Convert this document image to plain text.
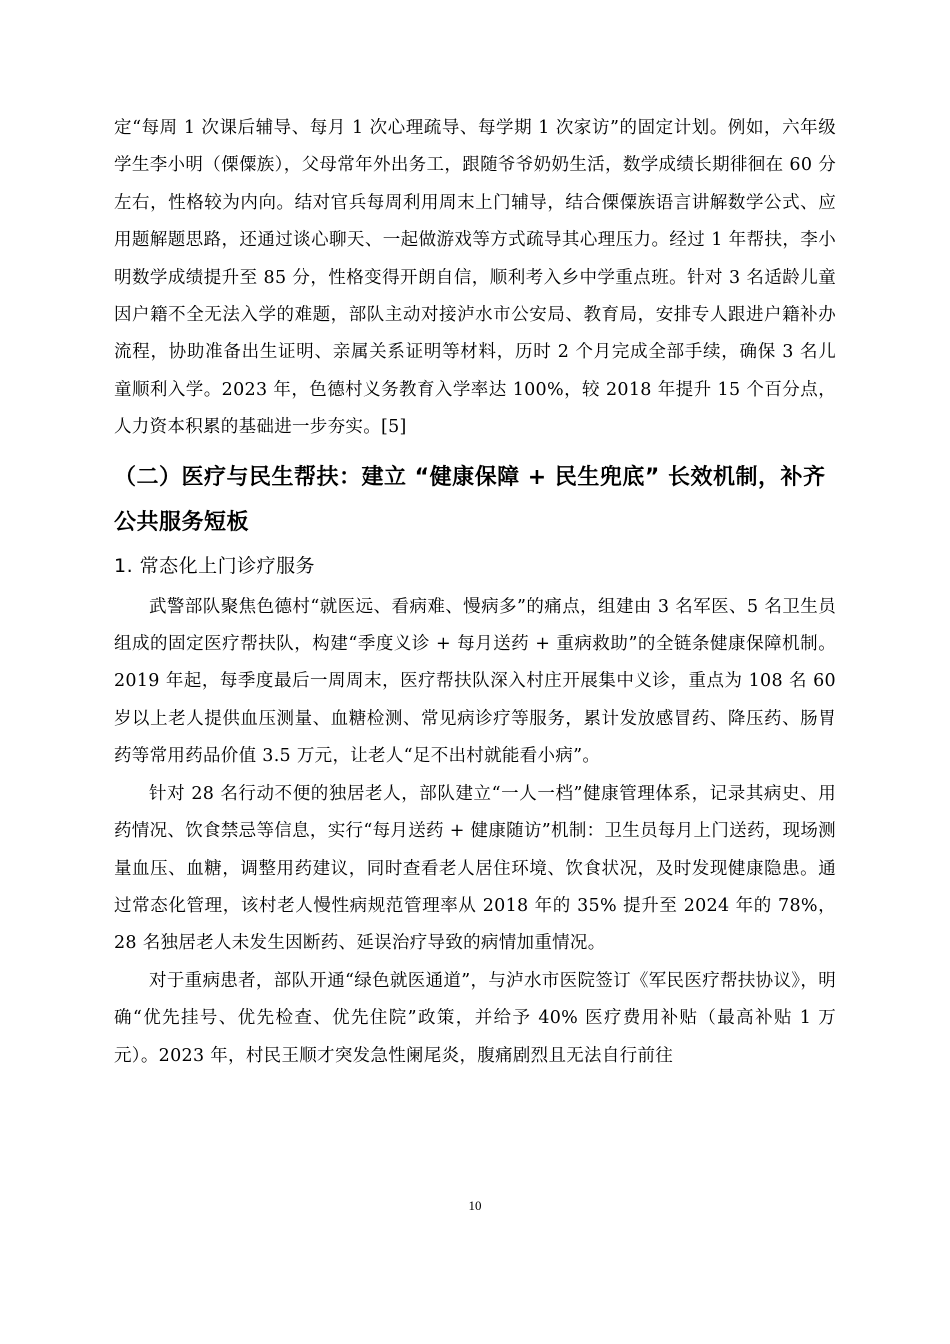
定“每周 1 次课后辅导、每月 1 次心理疏导、每学期 1 次家访”的固定计划。例如，六年级学生李小明（傈僳族），父母常年外出务工，跟随爷爷奶奶生活，数学成绩长期徘徊在 60 分左右，性格较为内向。结对官兵每周利用周末上门辅导，结合傈僳族语言讲解数学公式、应用题解题思路，还通过谈心聊天、一起做游戏等方式疏导其心理压力。经过 1 年帮扶，李小明数学成绩提升至 85 分，性格变得开朗自信，顺利考入乡中学重点班。针对 3 名适龄儿童因户籍不全无法入学的难题，部队主动对接泸水市公安局、教育局，安排专人跟进户籍补办流程，协助准备出生证明、亲属关系证明等材料，历时 2 个月完成全部手续，确保 3 名儿童顺利入学。2023 年，色德村义务教育入学率达 100%，较 2018 年提升 15 个百分点，人力资本积累的基础进一步夯实。[5]

（二）医疗与民生帮扶：建立 “健康保障 + 民生兜底” 长效机制，补齐公共服务短板
1. 常态化上门诊疗服务

武警部队聚焦色德村“就医远、看病难、慢病多”的痛点，组建由 3 名军医、5 名卫生员组成的固定医疗帮扶队，构建“季度义诊 + 每月送药 + 重病救助”的全链条健康保障机制。2019 年起，每季度最后一周周末，医疗帮扶队深入村庄开展集中义诊，重点为 108 名 60 岁以上老人提供血压测量、血糖检测、常见病诊疗等服务，累计发放感冒药、降压药、肠胃药等常用药品价值 3.5 万元，让老人“足不出村就能看小病”。

针对 28 名行动不便的独居老人，部队建立“一人一档”健康管理体系，记录其病史、用药情况、饮食禁忌等信息，实行“每月送药 + 健康随访”机制：卫生员每月上门送药，现场测量血压、血糖，调整用药建议，同时查看老人居住环境、饮食状况，及时发现健康隐患。通过常态化管理，该村老人慢性病规范管理率从 2018 年的 35% 提升至 2024 年的 78%，28 名独居老人未发生因断药、延误治疗导致的病情加重情况。

对于重病患者，部队开通“绿色就医通道”，与泸水市医院签订《军民医疗帮扶协议》，明确“优先挂号、优先检查、优先住院”政策，并给予 40% 医疗费用补贴（最高补贴 1 万元）。2023 年，村民王顺才突发急性阑尾炎，腹痛剧烈且无法自行前往

10
